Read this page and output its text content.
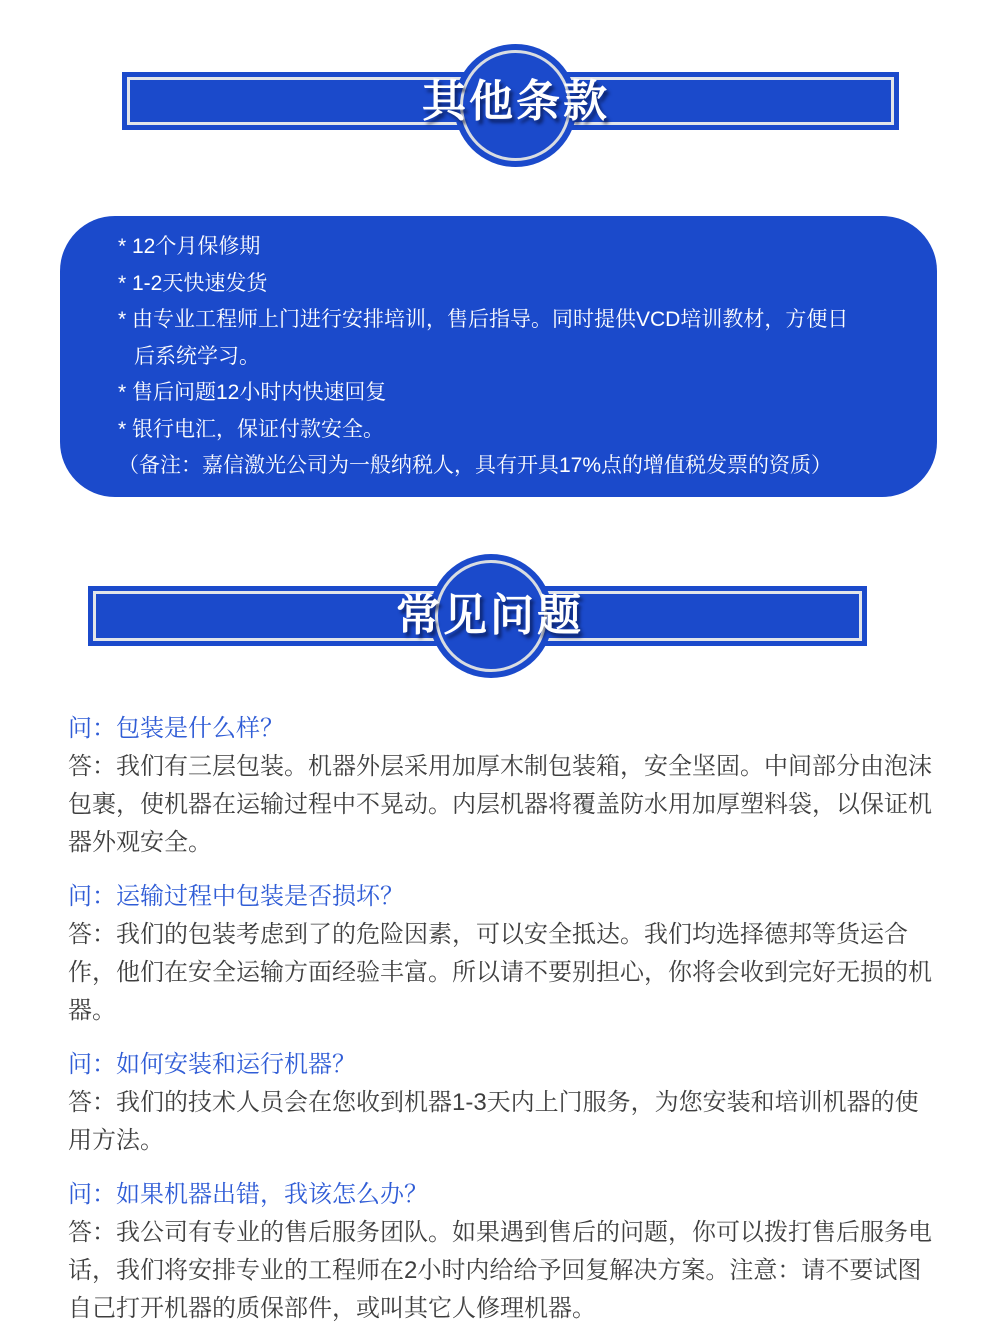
其他条款
* 12个月保修期
* 1-2天快速发货
* 由专业工程师上门进行安排培训，售后指导。同时提供VCD培训教材，方便日
后系统学习。
* 售后问题12小时内快速回复
* 银行电汇，保证付款安全。
（备注：嘉信激光公司为一般纳税人，具有开具17%点的增值税发票的资质）
常见问题
问：包装是什么样？
答：我们有三层包装。机器外层采用加厚木制包装箱，安全坚固。中间部分由泡沫包裹，使机器在运输过程中不晃动。内层机器将覆盖防水用加厚塑料袋，以保证机器外观安全。
问：运输过程中包装是否损坏？
答：我们的包装考虑到了的危险因素，可以安全抵达。我们均选择德邦等货运合作，他们在安全运输方面经验丰富。所以请不要别担心，你将会收到完好无损的机器。
问：如何安装和运行机器？
答：我们的技术人员会在您收到机器1-3天内上门服务，为您安装和培训机器的使用方法。
问：如果机器出错，我该怎么办？
答：我公司有专业的售后服务团队。如果遇到售后的问题，你可以拨打售后服务电话，我们将安排专业的工程师在2小时内给给予回复解决方案。注意：请不要试图自己打开机器的质保部件，或叫其它人修理机器。
